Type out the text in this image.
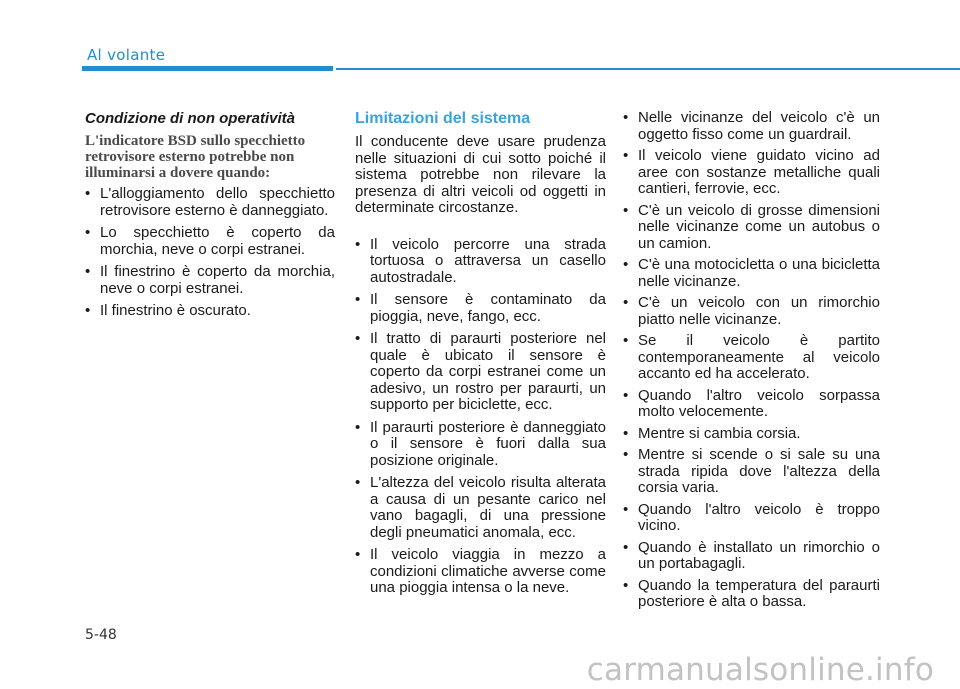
Al volante
Condizione di non operatività
L'indicatore BSD sullo specchietto retrovisore esterno potrebbe non illuminarsi a dovere quando:
• L'alloggiamento dello specchietto retrovisore esterno è danneggiato.
• Lo specchietto è coperto da morchia, neve o corpi estranei.
• Il finestrino è coperto da morchia, neve o corpi estranei.
• Il finestrino è oscurato.
Limitazioni del sistema
Il conducente deve usare prudenza nelle situazioni di cui sotto poiché il sistema potrebbe non rilevare la presenza di altri veicoli od oggetti in determinate circostanze.
• Il veicolo percorre una strada tortuosa o attraversa un casello autostradale.
• Il sensore è contaminato da pioggia, neve, fango, ecc.
• Il tratto di paraurti posteriore nel quale è ubicato il sensore è coperto da corpi estranei come un adesivo, un rostro per paraurti, un supporto per biciclette, ecc.
• Il paraurti posteriore è danneggiato o il sensore è fuori dalla sua posizione originale.
• L'altezza del veicolo risulta alterata a causa di un pesante carico nel vano bagagli, di una pressione degli pneumatici anomala, ecc.
• Il veicolo viaggia in mezzo a condizioni climatiche avverse come una pioggia intensa o la neve.
• Nelle vicinanze del veicolo c'è un oggetto fisso come un guardrail.
• Il veicolo viene guidato vicino ad aree con sostanze metalliche quali cantieri, ferrovie, ecc.
• C'è un veicolo di grosse dimensioni nelle vicinanze come un autobus o un camion.
• C'è una motocicletta o una bicicletta nelle vicinanze.
• C'è un veicolo con un rimorchio piatto nelle vicinanze.
• Se il veicolo è partito contemporaneamente al veicolo accanto ed ha accelerato.
• Quando l'altro veicolo sorpassa molto velocemente.
• Mentre si cambia corsia.
• Mentre si scende o si sale su una strada ripida dove l'altezza della corsia varia.
• Quando l'altro veicolo è troppo vicino.
• Quando è installato un rimorchio o un portabagagli.
• Quando la temperatura del paraurti posteriore è alta o bassa.
5-48
carmanualsonline.info
